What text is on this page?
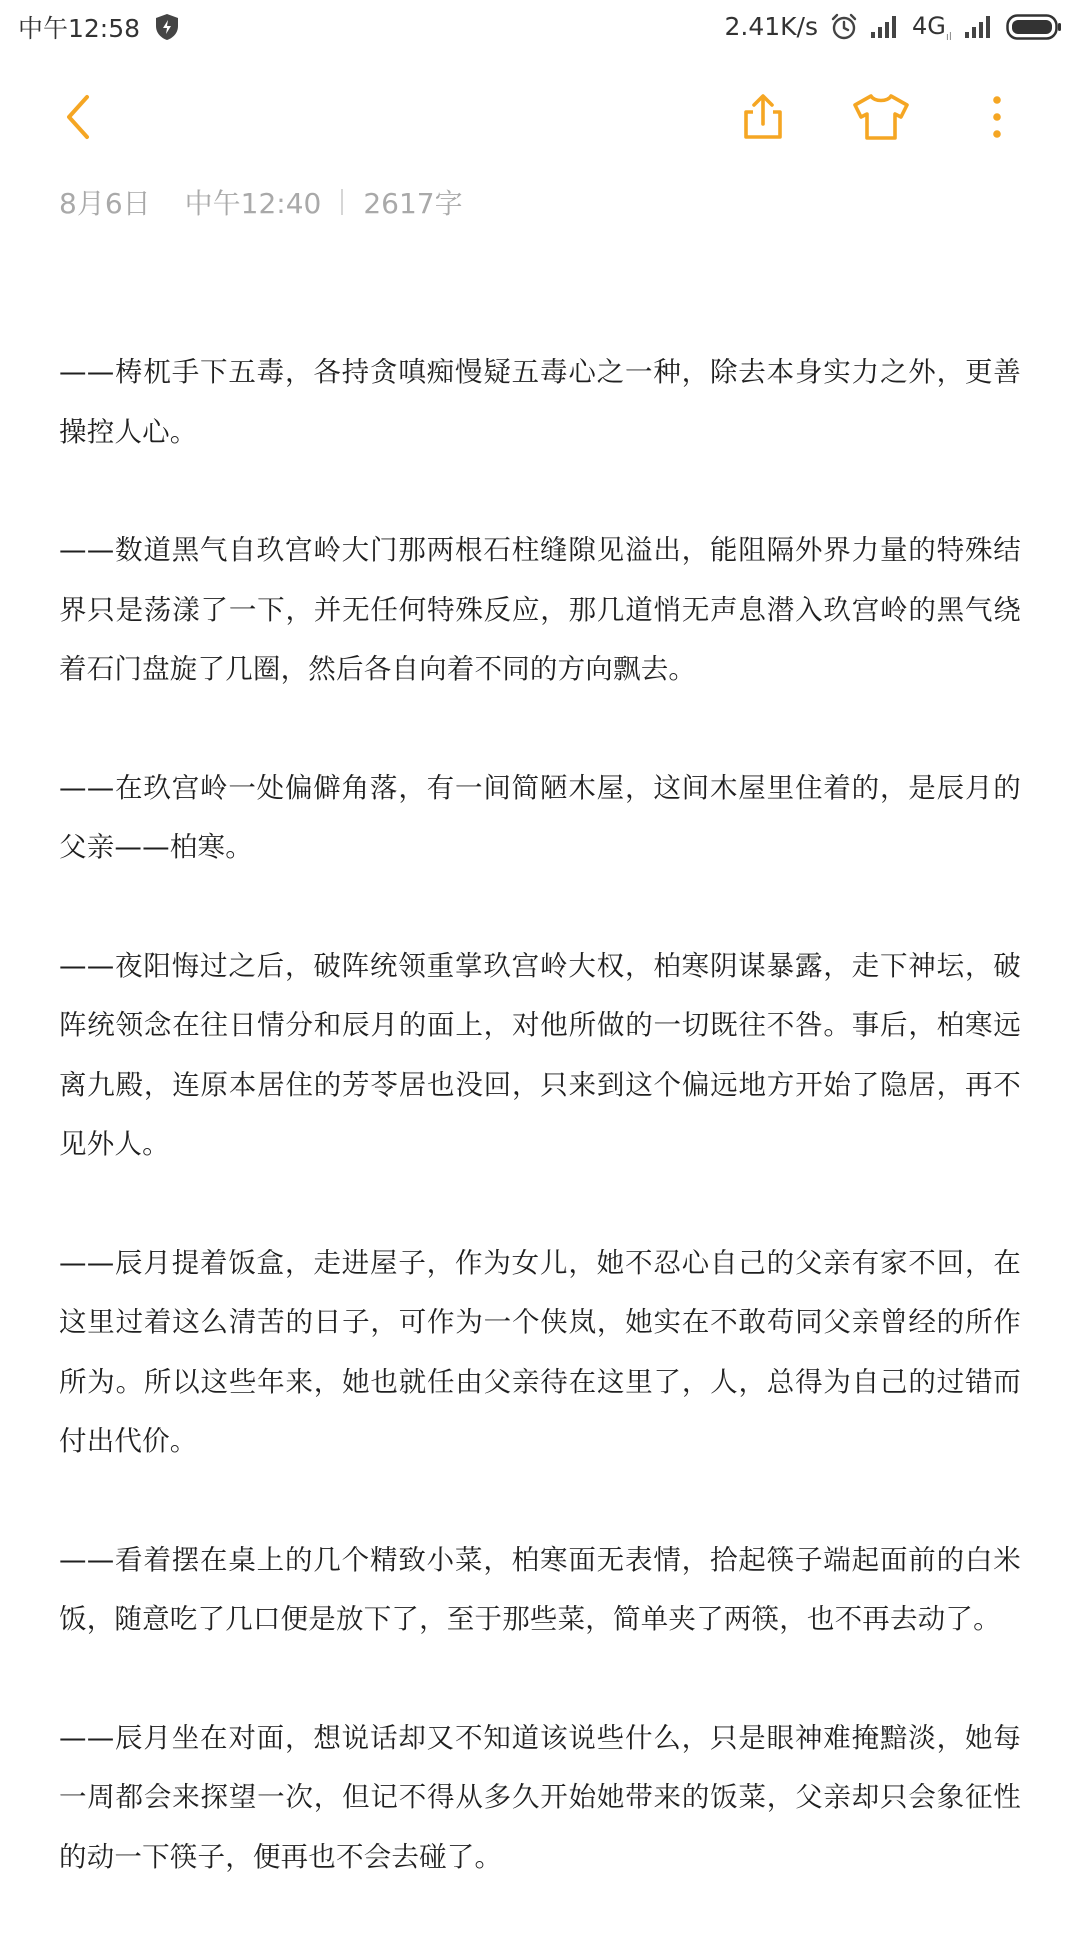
中午12:58	2.41K/s	$4G_{ıl}$
8月6日 中午12:40 2617字

——梼杌手下五毒，各持贪嗔痴慢疑五毒心之一种，除去本身实力之外，更善操控人心。

——数道黑气自玖宫岭大门那两根石柱缝隙见溢出，能阻隔外界力量的特殊结界只是荡漾了一下，并无任何特殊反应，那几道悄无声息潜入玖宫岭的黑气绕着石门盘旋了几圈，然后各自向着不同的方向飘去。

——在玖宫岭一处偏僻角落，有一间简陋木屋，这间木屋里住着的，是辰月的父亲——柏寒。

——夜阳悔过之后，破阵统领重掌玖宫岭大权，柏寒阴谋暴露，走下神坛，破阵统领念在往日情分和辰月的面上，对他所做的一切既往不咎。事后，柏寒远离九殿，连原本居住的芳苓居也没回，只来到这个偏远地方开始了隐居，再不见外人。

——辰月提着饭盒，走进屋子，作为女儿，她不忍心自己的父亲有家不回，在这里过着这么清苦的日子，可作为一个侠岚，她实在不敢苟同父亲曾经的所作所为。所以这些年来，她也就任由父亲待在这里了，人，总得为自己的过错而付出代价。

——看着摆在桌上的几个精致小菜，柏寒面无表情，拾起筷子端起面前的白米饭，随意吃了几口便是放下了，至于那些菜，简单夹了两筷，也不再去动了。

——辰月坐在对面，想说话却又不知道该说些什么，只是眼神难掩黯淡，她每一周都会来探望一次，但记不得从多久开始她带来的饭菜，父亲却只会象征性的动一下筷子，便再也不会去碰了。
